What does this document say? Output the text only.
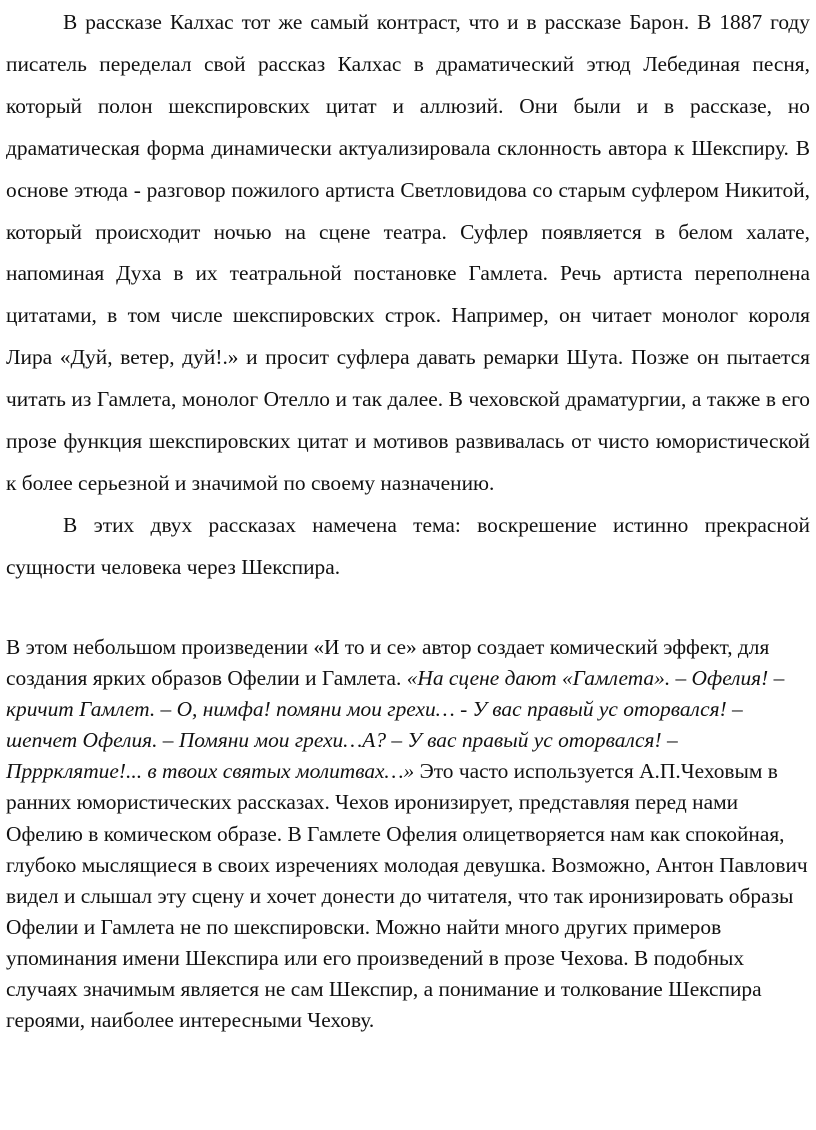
В рассказе Калхас тот же самый контраст, что и в рассказе Барон. В 1887 году писатель переделал свой рассказ Калхас в драматический этюд Лебединая песня, который полон шекспировских цитат и аллюзий. Они были и в рассказе, но драматическая форма динамически актуализировала склонность автора к Шекспиру. В основе этюда - разговор пожилого артиста Светловидова со старым суфлером Никитой, который происходит ночью на сцене театра. Суфлер появляется в белом халате, напоминая Духа в их театральной постановке Гамлета. Речь артиста переполнена цитатами, в том числе шекспировских строк. Например, он читает монолог короля Лира «Дуй, ветер, дуй!.» и просит суфлера давать ремарки Шута. Позже он пытается читать из Гамлета, монолог Отелло и так далее. В чеховской драматургии, а также в его прозе функция шекспировских цитат и мотивов развивалась от чисто юмористической к более серьезной и значимой по своему назначению.

В этих двух рассказах намечена тема: воскрешение истинно прекрасной сущности человека через Шекспира.

В этом небольшом произведении «И то и се» автор создает комический эффект, для создания ярких образов Офелии и Гамлета. «На сцене дают «Гамлета». – Офелия! – кричит Гамлет. – О, нимфа! помяни мои грехи… - У вас правый ус оторвался! – шепчет Офелия. – Помяни мои грехи…А? – У вас правый ус оторвался! – Прррклятие!... в твоих святых молитвах…» Это часто используется А.П.Чеховым в ранних юмористических рассказах. Чехов иронизирует, представляя перед нами Офелию в комическом образе. В Гамлете Офелия олицетворяется нам как спокойная, глубоко мыслящиеся в своих изречениях молодая девушка. Возможно, Антон Павлович видел и слышал эту сцену и хочет донести до читателя, что так иронизировать образы Офелии и Гамлета не по шекспировски. Можно найти много других примеров упоминания имени Шекспира или его произведений в прозе Чехова. В подобных случаях значимым является не сам Шекспир, а понимание и толкование Шекспира героями, наиболее интересными Чехову.
